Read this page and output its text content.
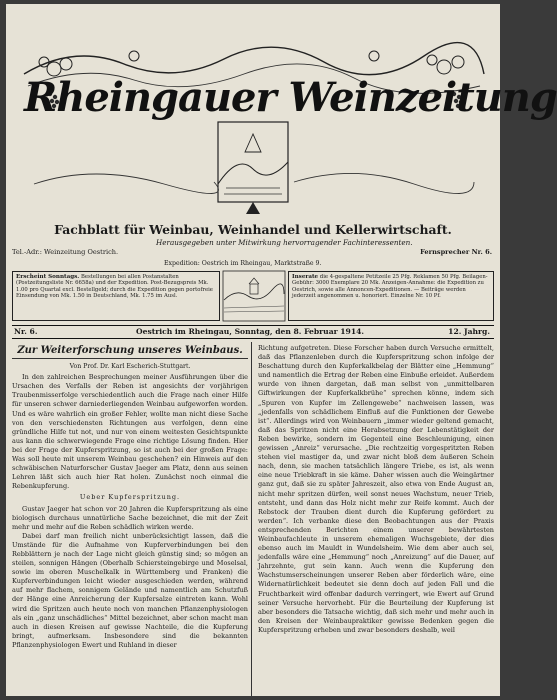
Rheingauer Weinzeitung
Fachblatt für Weinbau, Weinhandel und Kellerwirtschaft.
Herausgegeben unter Mitwirkung hervorragender Fachinteressenten.
Tel.-Adr.: Weinzeitung Oestrich.	Fernsprecher Nr. 6.
Expedition: Oestrich im Rheingau, Marktstraße 9.
Erscheint Sonntags. Bestellungen bei allen Postanstalten (Postzeitungsliste Nr. 6658a) und der Expedition. Post-Bezugspreis Mk. 1.00 pro Quartal excl. Bestellgeld; durch die Expedition gegen portofreie Einsendung von Mk. 1.50 in Deutschland, Mk. 1.75 im Ausl.
Inserate die 4-gespaltene Petitzeile 25 Pfg. Reklamen 50 Pfg. Beilagen-Gebühr: 3000 Exemplare 20 Mk. Anzeigen-Annahme: die Expedition zu Oestrich, sowie alle Annoncen-Expeditionen. — Beiträge werden jederzeit angenommen u. honoriert. Einzelne Nr. 10 Pf.
Nr. 6.	Oestrich im Rheingau, Sonntag, den 8. Februar 1914.	12. Jahrg.
Zur Weiterforschung unseres Weinbaus.
Von Prof. Dr. Karl Escherich-Stuttgart.

In den zahlreichen Besprechungen meiner Ausführungen über die Ursachen des Verfalls der Reben ist angesichts der vorjährigen Traubenmisserfolge verschiedentlich auch die Frage nach einer Hilfe für unseren schwer darniederliegenden Weinbau aufgeworfen worden. Und es wäre wahrlich ein großer Fehler, wollte man nicht diese Sache von den verschiedensten Richtungen aus verfolgen, denn eine gründliche Hilfe tut not, und nur von einem weitesten Gesichtspunkte aus kann die schwerwiegende Frage eine richtige Lösung finden. Hier bei der Frage der Kupferspritzung, so ist auch bei der großen Frage: Was soll heute mit unserem Weinbau geschehen? ein Hinweis auf den schwäbischen Naturforscher Gustav Jaeger am Platz, denn aus seinen Lehren läßt sich auch hier Rat holen. Zunächst noch einmal die Rebenkupferung.

Ueber Kupferspritzung.

Gustav Jaeger hat schon vor 20 Jahren die Kupferspritzung als eine biologisch durchaus unnatürliche Sache bezeichnet, die mit der Zeit mehr und mehr auf die Reben schädlich wirken werde.

Dabei darf man freilich nicht unberücksichtigt lassen, daß die Umstände für die Aufnahme von Kupferverbindungen bei den Rebblättern je nach der Lage nicht gleich günstig sind; so mögen an steilen, sonnigen Hängen (Oberhalb Schiersteingebirge und Moselsal, sowie im oberen Muschelkalk in Württemberg und Franken) die Kupferverbindungen leicht wieder ausgeschieden werden, während auf mehr flachem, sonnigem Gelände und namentlich am Schutzfuß der Hänge eine Anreicherung der Kupfersalze eintreten kann. Wohl wird die Spritzen auch heute noch von manchen Pflanzenphysiologen als ein „ganz unschädliches“ Mittel bezeichnet, aber schon macht man auch in diesen Kreisen auf gewisse Nachteile, die die Kupferung bringt, aufmerksam. Insbesondere sind die bekannten Pflanzenphysiologen Ewert und Ruhland in dieser

Richtung aufgetreten. Diese Forscher haben durch Versuche ermittelt, daß das Pflanzenleben durch die Kupferspritzung schon infolge der Beschattung durch den Kupferkalkbelag der Blätter eine „Hemmung“ und namentlich die Ertrag der Reben eine Einbuße erleidet. Außerdem wurde von ihnen dargetan, daß man selbst von „unmittelbaren Giftwirkungen der Kupferkalkbrühe“ sprechen könne, indem sich „Spuren von Kupfer im Zellengewebe“ nachweisen lassen, was „jedenfalls von schädlichem Einfluß auf die Funktionen der Gewebe ist“. Allerdings wird von Weinbauern „immer wieder geltend gemacht, daß das Spritzen nicht eine Herabsetzung der Lebenstätigkeit der Reben bewirke, sondern im Gegenteil eine Beschleunigung, einen gewissen „Anreiz“ verursache. „Die rechtzeitig vorgespritzten Reben stehen viel mastiger da, und zwar nicht bloß dem äußeren Schein nach, denn, sie machen tatsächlich längere Triebe, es ist, als wenn eine neue Triebkraft in sie käme. Daher wissen auch die Weingärtner ganz gut, daß sie zu später Jahreszeit, also etwa von Ende August an, nicht mehr spritzen dürfen, weil sonst neues Wachstum, neuer Trieb, entsteht, und dann das Holz nicht mehr zur Reife kommt. Auch der Rebstock der Trauben dient durch die Kupferung gefördert zu werden“. Ich verbanke diese den Beobachtungen aus der Praxis entsprechenden Berichten einem unserer bewährtesten Weinbaufachleute in unserem ehemaligen Wuchsgebiete, der dies ebenso auch im Mauldt in Wundelsheim. Wie dem aber auch sei, jedenfalls wäre eine „Hemmung“ noch „Anreizung“ auf die Dauer, auf Jahrzehnte, gut sein kann. Auch wenn die Kupferung den Wachstumserscheinungen unserer Reben aber förderlich wäre, eine Widernatürlichkeit bedeutet sie denn doch auf jeden Fall und die Fruchtbarkeit wird offenbar dadurch verringert, wie Ewert auf Grund seiner Versuche hervorhebt. Für die Beurteilung der Kupferung ist aber besonders die Tatsache wichtig, daß sich mehr und mehr auch in den Kreisen der Weinbaupraktiker gewisse Bedenken gegen die Kupferspritzung erheben und zwar besonders deshalb, weil
